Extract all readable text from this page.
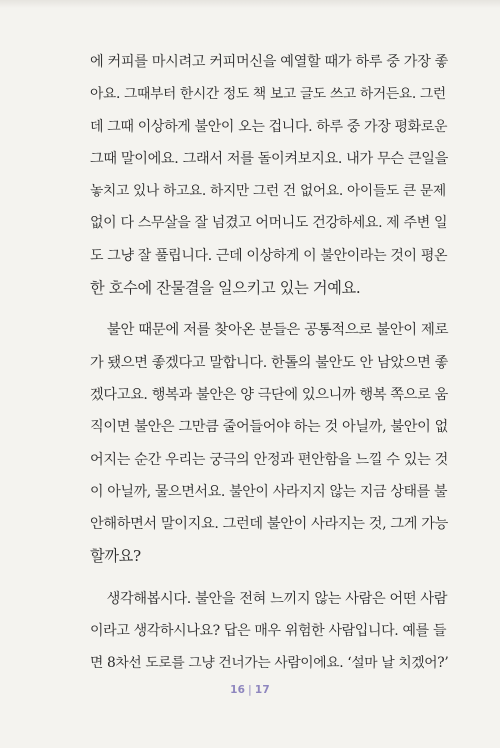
에 커피를 마시려고 커피머신을 예열할 때가 하루 중 가장 좋
아요. 그때부터 한시간 정도 책 보고 글도 쓰고 하거든요. 그런
데 그때 이상하게 불안이 오는 겁니다. 하루 중 가장 평화로운
그때 말이에요. 그래서 저를 돌이켜보지요. 내가 무슨 큰일을
놓치고 있나 하고요. 하지만 그런 건 없어요. 아이들도 큰 문제
없이 다 스무살을 잘 넘겼고 어머니도 건강하세요. 제 주변 일
도 그냥 잘 풀립니다. 근데 이상하게 이 불안이라는 것이 평온
한 호수에 잔물결을 일으키고 있는 거예요.
불안 때문에 저를 찾아온 분들은 공통적으로 불안이 제로
가 됐으면 좋겠다고 말합니다. 한톨의 불안도 안 남았으면 좋
겠다고요. 행복과 불안은 양 극단에 있으니까 행복 쪽으로 움
직이면 불안은 그만큼 줄어들어야 하는 것 아닐까, 불안이 없
어지는 순간 우리는 궁극의 안정과 편안함을 느낄 수 있는 것
이 아닐까, 물으면서요. 불안이 사라지지 않는 지금 상태를 불
안해하면서 말이지요. 그런데 불안이 사라지는 것, 그게 가능
할까요?
생각해봅시다. 불안을 전혀 느끼지 않는 사람은 어떤 사람
이라고 생각하시나요? 답은 매우 위험한 사람입니다. 예를 들
면 8차선 도로를 그냥 건너가는 사람이에요. ‘설마 날 치겠어?’
16 | 17
